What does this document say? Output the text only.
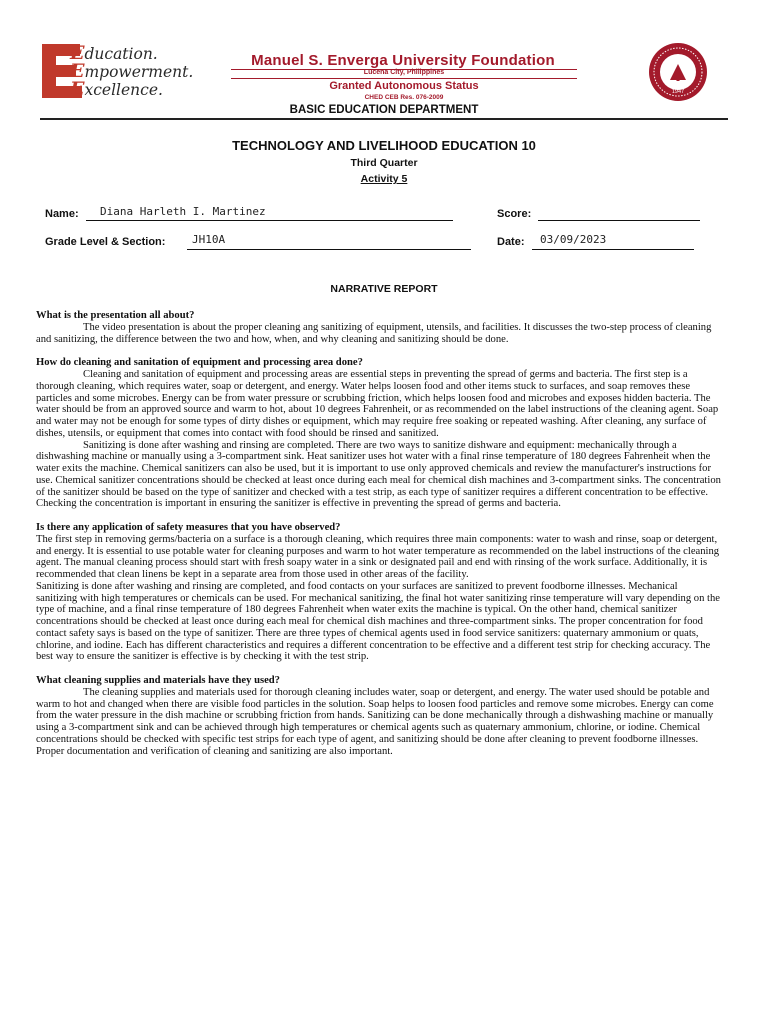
Education.
Empowerment.
Excellence.
Manuel S. Enverga University Foundation
Lucena City, Philippines
Granted Autonomous Status
CHED CEB Res. 076-2009
1947
BASIC EDUCATION DEPARTMENT
TECHNOLOGY AND LIVELIHOOD EDUCATION 10
Third Quarter
Activity 5
Name: Diana Harleth I. Martinez	Score:
Grade Level & Section: JH10A	Date: 03/09/2023
NARRATIVE REPORT

What is the presentation all about?

The video presentation is about the proper cleaning ang sanitizing of equipment, utensils, and facilities. It discusses the two-step process of cleaning and sanitizing, the difference between the two and how, when, and why cleaning and sanitizing should be done.

How do cleaning and sanitation of equipment and processing area done?

Cleaning and sanitation of equipment and processing areas are essential steps in preventing the spread of germs and bacteria. The first step is a thorough cleaning, which requires water, soap or detergent, and energy. Water helps loosen food and other items stuck to surfaces, and soap removes these particles and some microbes. Energy can be from water pressure or scrubbing friction, which helps loosen food and microbes and exposes hidden bacteria. The water should be from an approved source and warm to hot, about 10 degrees Fahrenheit, or as recommended on the label instructions of the cleaning agent. Soap and water may not be enough for some types of dirty dishes or equipment, which may require free soaking or repeated washing. After cleaning, any surface of dishes, utensils, or equipment that comes into contact with food should be rinsed and sanitized.

Sanitizing is done after washing and rinsing are completed. There are two ways to sanitize dishware and equipment: mechanically through a dishwashing machine or manually using a 3-compartment sink. Heat sanitizer uses hot water with a final rinse temperature of 180 degrees Fahrenheit when the water exits the machine. Chemical sanitizers can also be used, but it is important to use only approved chemicals and review the manufacturer's instructions for use. Chemical sanitizer concentrations should be checked at least once during each meal for chemical dish machines and 3-compartment sinks. The concentration of the sanitizer should be based on the type of sanitizer and checked with a test strip, as each type of sanitizer requires a different concentration to be effective. Checking the concentration is important in ensuring the sanitizer is effective in preventing the spread of germs and bacteria.

Is there any application of safety measures that you have observed?

The first step in removing germs/bacteria on a surface is a thorough cleaning, which requires three main components: water to wash and rinse, soap or detergent, and energy. It is essential to use potable water for cleaning purposes and warm to hot water temperature as recommended on the label instructions of the cleaning agent. The manual cleaning process should start with fresh soapy water in a sink or designated pail and end with rinsing of the work surface. Additionally, it is recommended that clean linens be kept in a separate area from those used in other areas of the facility.

Sanitizing is done after washing and rinsing are completed, and food contacts on your surfaces are sanitized to prevent foodborne illnesses. Mechanical sanitizing with high temperatures or chemicals can be used. For mechanical sanitizing, the final hot water sanitizing rinse temperature will vary depending on the type of machine, and a final rinse temperature of 180 degrees Fahrenheit when water exits the machine is typical. On the other hand, chemical sanitizer concentrations should be checked at least once during each meal for chemical dish machines and three-compartment sinks. The proper concentration for food contact safety says is based on the type of sanitizer. There are three types of chemical agents used in food service sanitizers: quaternary ammonium or quats, chlorine, and iodine. Each has different characteristics and requires a different concentration to be effective and a different test strip for checking accuracy. The best way to ensure the sanitizer is effective is by checking it with the test strip.

What cleaning supplies and materials have they used?

The cleaning supplies and materials used for thorough cleaning includes water, soap or detergent, and energy. The water used should be potable and warm to hot and changed when there are visible food particles in the solution. Soap helps to loosen food particles and remove some microbes. Energy can come from the water pressure in the dish machine or scrubbing friction from hands. Sanitizing can be done mechanically through a dishwashing machine or manually using a 3-compartment sink and can be achieved through high temperatures or chemical agents such as quaternary ammonium, chlorine, or iodine. Chemical concentrations should be checked with specific test strips for each type of agent, and sanitizing should be done after cleaning to prevent foodborne illnesses. Proper documentation and verification of cleaning and sanitizing are also important.
